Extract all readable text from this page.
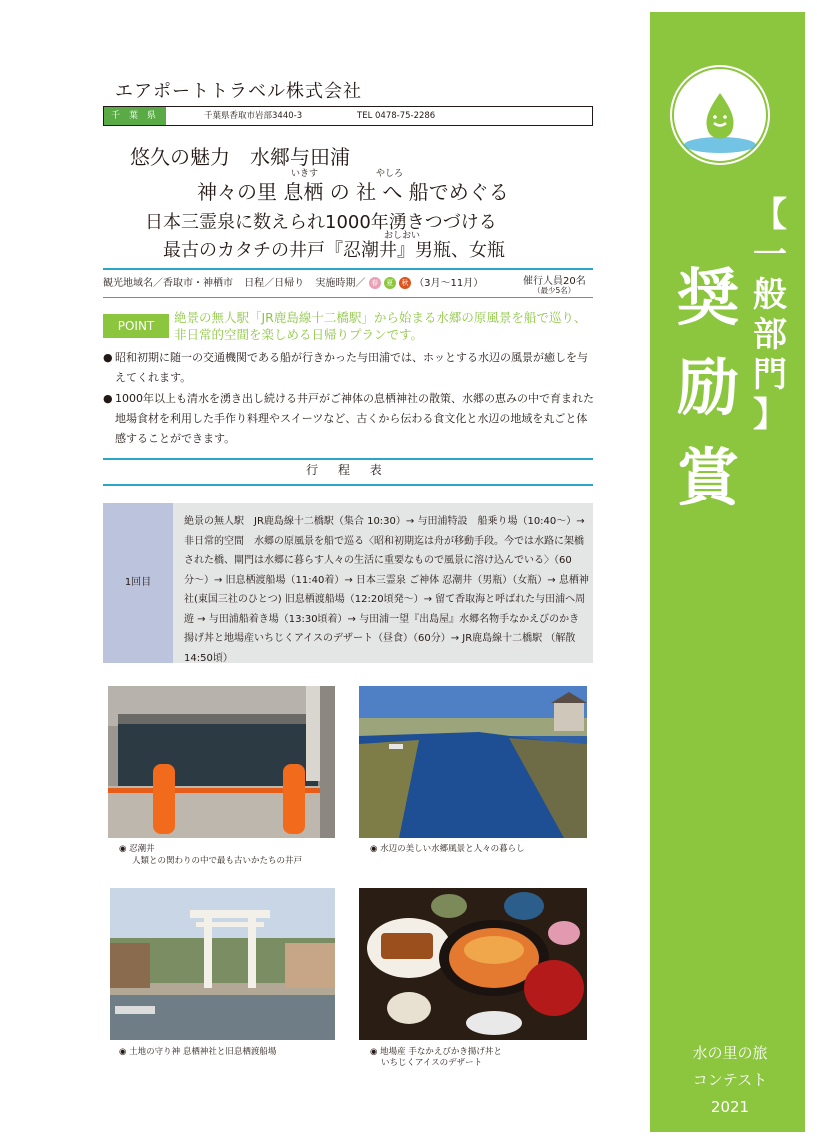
【
一
般
部
門
】
奨
励
賞
水の里の旅
コンテスト
2021
エアポートトラベル株式会社
千 葉 県	千葉県香取市岩部3440-3	TEL 0478-75-2286
悠久の魅力　水郷与田浦
いきす	やしろ
神々の里 息栖 の 社 へ 船でめぐる
日本三霊泉に数えられ1000年湧きつづける
おしおい
最古のカタチの井戸『忍潮井』男瓶、女瓶
観光地域名／香取市・神栖市 日程／日帰り 実施時期／ 春 夏 秋 （3月〜11月）	催行人員20名
（最少5名）
POINT
絶景の無人駅「JR鹿島線十二橋駅」から始まる水郷の原風景を船で巡り、非日常的空間を楽しめる日帰りプランです。
● 昭和初期に随一の交通機関である船が行きかった与田浦では、ホッとする水辺の風景が癒しを与えてくれます。
● 1000年以上も清水を湧き出し続ける井戸がご神体の息栖神社の散策、水郷の恵みの中で育まれた地場食材を利用した手作り料理やスイーツなど、古くから伝わる食文化と水辺の地域を丸ごと体感することができます。
行 程 表
1回目
絶景の無人駅　JR鹿島線十二橋駅（集合 10:30）→ 与田浦特設　船乗り場（10:40〜）→ 非日常的空間　水郷の原風景を船で巡る〈昭和初期迄は舟が移動手段。今では水路に架橋された橋、閘門は水郷に暮らす人々の生活に重要なもので風景に溶け込んでいる〉（60分〜）→ 旧息栖渡船場（11:40着）→ 日本三霊泉 ご神体 忍潮井（男瓶）（女瓶）→ 息栖神社(東国三社のひとつ) 旧息栖渡船場（12:20頃発〜）→ 留て香取海と呼ばれた与田浦へ周遊 → 与田浦船着き場（13:30頃着）→ 与田浦一望『出島屋』水郷名物手なかえびのかき揚げ丼と地場産いちじくアイスのデザート（昼食）（60分）→ JR鹿島線十二橋駅 （解散 14:50頃）
◉ 忍潮井
人類との関わりの中で最も古いかたちの井戸
◉ 水辺の美しい水郷風景と人々の暮らし
◉ 土地の守り神 息栖神社と旧息栖渡船場	◉ 地場産 手なかえびかき揚げ丼と
いちじくアイスのデザート
